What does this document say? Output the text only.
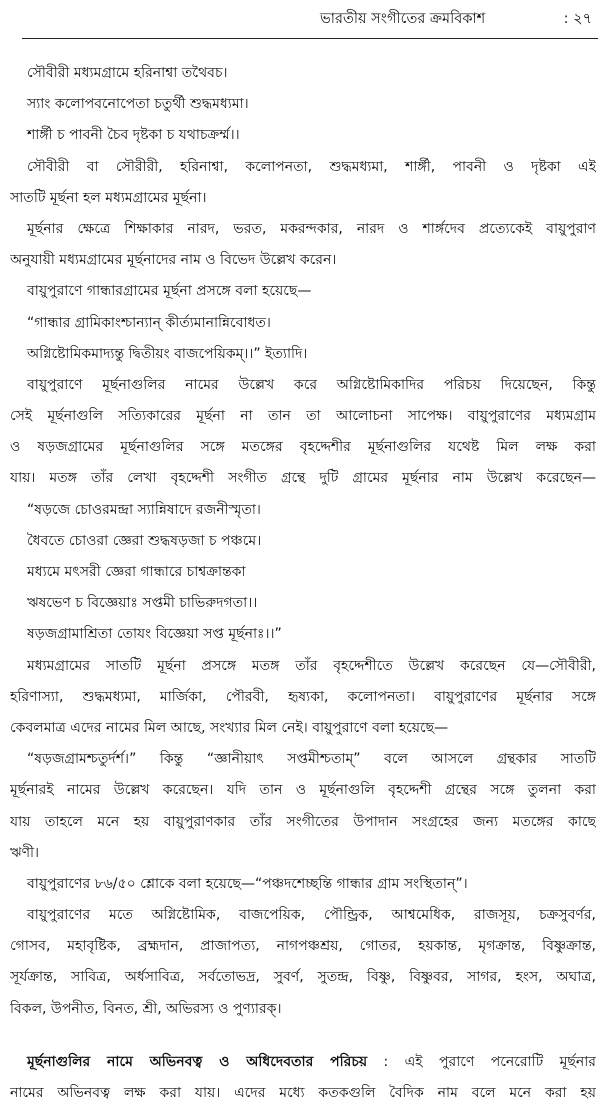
ভারতীয় সংগীতের ক্রমবিকাশ	: ২৭
সৌবীরী মধ্যমগ্রামে হরিনাশ্বা তথৈবচ।
স্যাং কলোপবনোপেতা চতুর্থী শুদ্ধমধ্যমা।
শার্ঙ্গী চ পাবনী চৈব দৃষ্টকা চ যথাচক্রর্ম্ম।।
সৌবীরী বা সৌরীরী, হরিনাশ্বা, কলোপনতা, শুদ্ধমধ্যমা, শার্ঙ্গী, পাবনী ও দৃষ্টকা এই
সাতটি মূর্ছনা হল মধ্যমগ্রামের মূর্ছনা।
মূর্ছনার ক্ষেত্রে শিক্ষাকার নারদ, ভরত, মকরন্দকার, নারদ ও শার্ঙ্গদেব প্রত্যেকেই বায়ুপুরাণ
অনুযায়ী মধ্যমগ্রামের মূর্ছনাদের নাম ও বিভেদ উল্লেখ করেন।
বায়ুপুরাণে গান্ধারগ্রামের মূর্ছনা প্রসঙ্গে বলা হয়েছে—
“গান্ধার গ্রামিকাংশ্চান্যান্ কীর্ত্যমানান্নিবোধত।
অগ্নিষ্টোমিকমাদ্যন্তু দ্বিতীয়ং বাজপেয়িকম্।।” ইত্যাদি।
বায়ুপুরাণে মূর্ছনাগুলির নামের উল্লেখ করে অগ্নিষ্টোমিকাদির পরিচয় দিয়েছেন, কিন্তু
সেই মূর্ছনাগুলি সত্যিকারের মূর্ছনা না তান তা আলোচনা সাপেক্ষ। বায়ুপুরাণের মধ্যমগ্রাম
ও ষড়জগ্রামের মূর্ছনাগুলির সঙ্গে মতঙ্গের বৃহদ্দেশীর মূর্ছনাগুলির যথেষ্ট মিল লক্ষ করা
যায়। মতঙ্গ তাঁর লেখা বৃহদ্দেশী সংগীত গ্রন্থে দুটি গ্রামের মূর্ছনার নাম উল্লেখ করেছেন—
“ষড়জে চোওরমন্দ্রা স্যান্নিষাদে রজনীস্মৃতা।
ধৈবতে চোওরা জ্ঞেরা শুদ্ধষড়জা চ পঞ্চমে।
মধ্যমে মৎসরী জ্ঞেরা গান্ধারে চাশ্বক্রান্তকা
ঋষভেণ চ বিজ্ঞেয়াঃ সপ্তমী চাভিরুদগতা।।
ষড়জগ্রামাশ্রিতা তোযং বিজ্ঞেয়া সপ্ত মূর্ছনাঃ।।”
মধ্যমগ্রামের সাতটি মূর্ছনা প্রসঙ্গে মতঙ্গ তাঁর বৃহদ্দেশীতে উল্লেখ করেছেন যে—সৌবীরী,
হরিণাস্যা, শুদ্ধমধ্যমা, মার্জিকা, পৌরবী, হৃষ্যকা, কলোপনতা। বায়ুপুরাণের মূর্ছনার সঙ্গে
কেবলমাত্র এদের নামের মিল আছে, সংখ্যার মিল নেই। বায়ুপুরাণে বলা হয়েছে—
“ষড়জগ্রামশ্চতুর্দর্শ।” কিন্তু “জ্ঞানীয়াৎ সপ্তমীশ্চতাম্” বলে আসলে গ্রন্থকার সাতটি
মূর্ছনারই নামের উল্লেখ করেছেন। যদি তান ও মূর্ছনাগুলি বৃহদ্দেশী গ্রন্থের সঙ্গে তুলনা করা
যায় তাহলে মনে হয় বায়ুপুরাণকার তাঁর সংগীতের উপাদান সংগ্রহের জন্য মতঙ্গের কাছে
ঋণী।
বায়ুপুরাণের ৮৬/৫০ শ্লোকে বলা হয়েছে—“পঞ্চদশেচ্ছন্তি গান্ধার গ্রাম সংস্থিতান্”।
বায়ুপুরাণের মতে অগ্নিষ্টোমিক, বাজপেয়িক, পৌন্ড্রিক, আশ্বমেধিক, রাজসূয়, চক্রসুবর্ণর,
গোসব, মহাবৃষ্টিক, ব্রহ্মদান, প্রাজাপত্য, নাগপঞ্চশ্রয়, গোতর, হয়কান্ত, মৃগক্রান্ত, বিষ্ণুক্রান্ত,
সূর্যক্রান্ত, সাবিত্র, অর্ধসাবিত্র, সর্বতোভদ্র, সুবর্ণ, সুতন্দ্র, বিষ্ণু, বিষ্ণুবর, সাগর, হংস, অঘাত্র,
বিকল, উপনীত, বিনত, শ্রী, অভিরস্য ও পুণ্যারক্।
মূর্ছনাগুলির নামে অভিনবত্ব ও অধিদেবতার পরিচয় : এই পুরাণে পনেরোটি মূর্ছনার
নামের অভিনবত্ব লক্ষ করা যায়। এদের মধ্যে কতকগুলি বৈদিক নাম বলে মনে করা হয়
